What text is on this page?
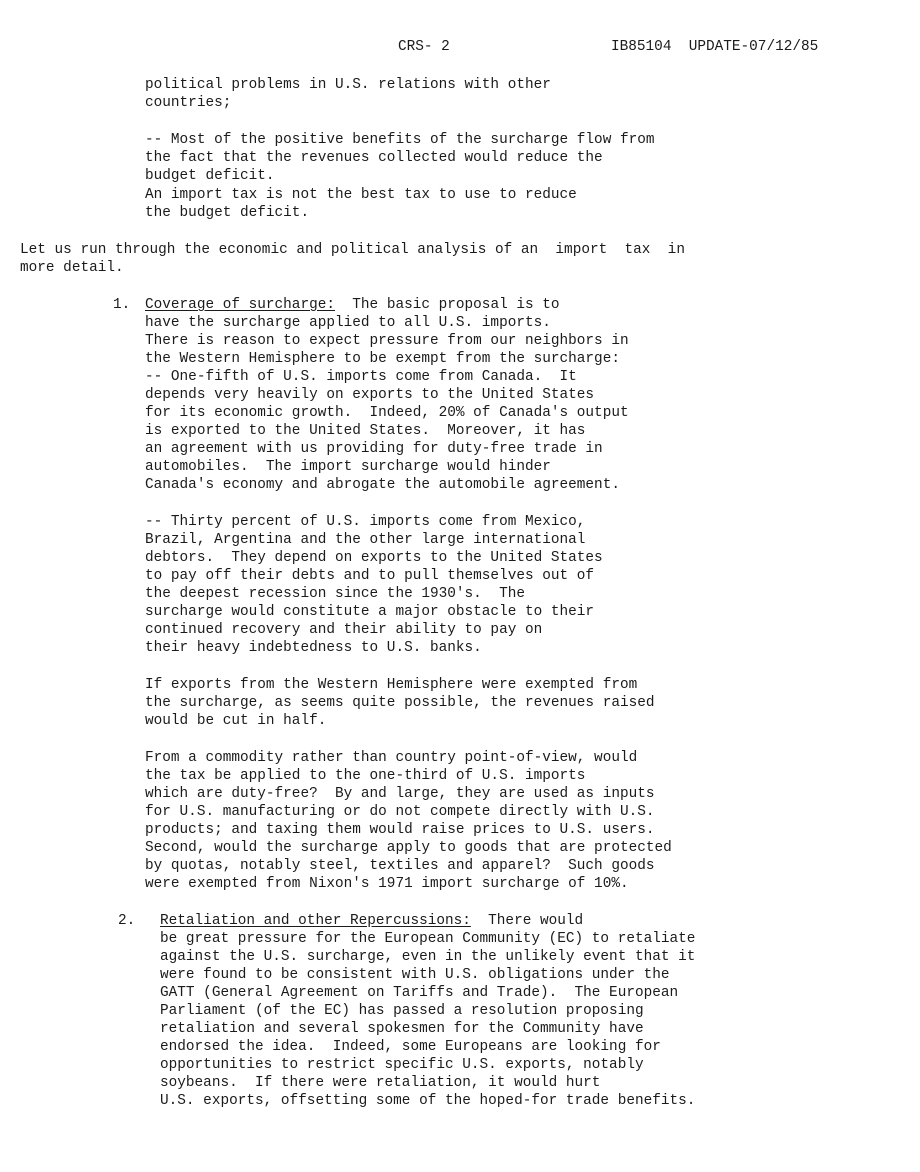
CRS- 2	IB85104  UPDATE-07/12/85
political problems in U.S. relations with other
countries;
-- Most of the positive benefits of the surcharge flow from
the fact that the revenues collected would reduce the
budget deficit.
An import tax is not the best tax to use to reduce
the budget deficit.
Let us run through the economic and political analysis of an  import  tax  in
more detail.
1. Coverage of surcharge:  The basic proposal is to
have the surcharge applied to all U.S. imports.
There is reason to expect pressure from our neighbors in
the Western Hemisphere to be exempt from the surcharge:
-- One-fifth of U.S. imports come from Canada.  It
depends very heavily on exports to the United States
for its economic growth.  Indeed, 20% of Canada's output
is exported to the United States.  Moreover, it has
an agreement with us providing for duty-free trade in
automobiles.  The import surcharge would hinder
Canada's economy and abrogate the automobile agreement.
-- Thirty percent of U.S. imports come from Mexico,
Brazil, Argentina and the other large international
debtors.  They depend on exports to the United States
to pay off their debts and to pull themselves out of
the deepest recession since the 1930's.  The
surcharge would constitute a major obstacle to their
continued recovery and their ability to pay on
their heavy indebtedness to U.S. banks.
If exports from the Western Hemisphere were exempted from
the surcharge, as seems quite possible, the revenues raised
would be cut in half.
From a commodity rather than country point-of-view, would
the tax be applied to the one-third of U.S. imports
which are duty-free?  By and large, they are used as inputs
for U.S. manufacturing or do not compete directly with U.S.
products; and taxing them would raise prices to U.S. users.
Second, would the surcharge apply to goods that are protected
by quotas, notably steel, textiles and apparel?  Such goods
were exempted from Nixon's 1971 import surcharge of 10%.
2. Retaliation and other Repercussions:  There would
be great pressure for the European Community (EC) to retaliate
against the U.S. surcharge, even in the unlikely event that it
were found to be consistent with U.S. obligations under the
GATT (General Agreement on Tariffs and Trade).  The European
Parliament (of the EC) has passed a resolution proposing
retaliation and several spokesmen for the Community have
endorsed the idea.  Indeed, some Europeans are looking for
opportunities to restrict specific U.S. exports, notably
soybeans.  If there were retaliation, it would hurt
U.S. exports, offsetting some of the hoped-for trade benefits.
